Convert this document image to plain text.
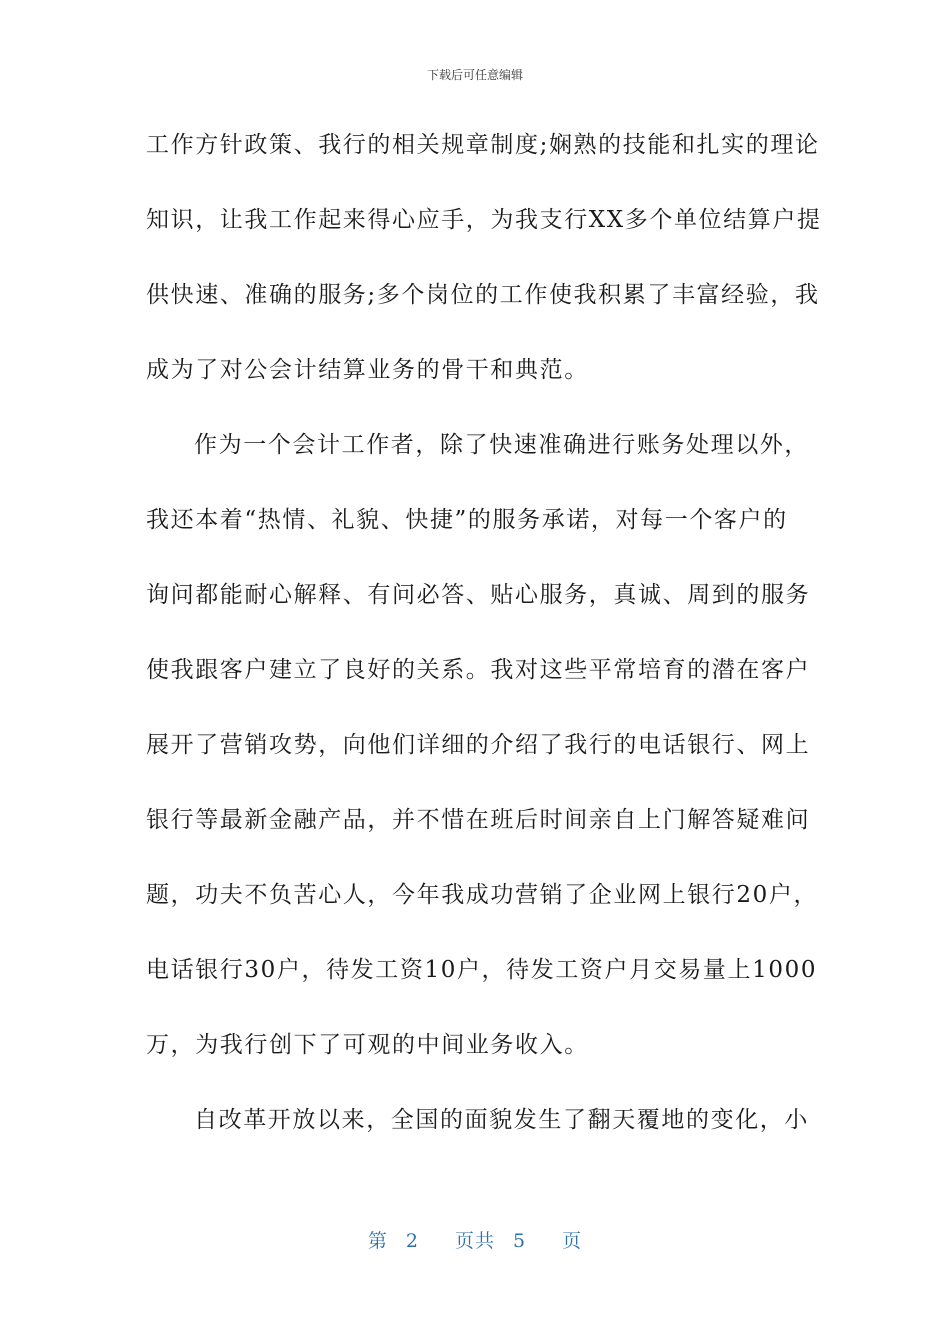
下载后可任意编辑
工作方针政策、我行的相关规章制度;娴熟的技能和扎实的理论
知识，让我工作起来得心应手，为我支行XX多个单位结算户提
供快速、准确的服务;多个岗位的工作使我积累了丰富经验，我
成为了对公会计结算业务的骨干和典范。
作为一个会计工作者，除了快速准确进行账务处理以外，
我还本着“热情、礼貌、快捷”的服务承诺，对每一个客户的
询问都能耐心解释、有问必答、贴心服务，真诚、周到的服务
使我跟客户建立了良好的关系。我对这些平常培育的潜在客户
展开了营销攻势，向他们详细的介绍了我行的电话银行、网上
银行等最新金融产品，并不惜在班后时间亲自上门解答疑难问
题，功夫不负苦心人，今年我成功营销了企业网上银行20户，
电话银行30户，待发工资10户，待发工资户月交易量上1000
万，为我行创下了可观的中间业务收入。
自改革开放以来，全国的面貌发生了翻天覆地的变化，小
第 2 页共 5 页
